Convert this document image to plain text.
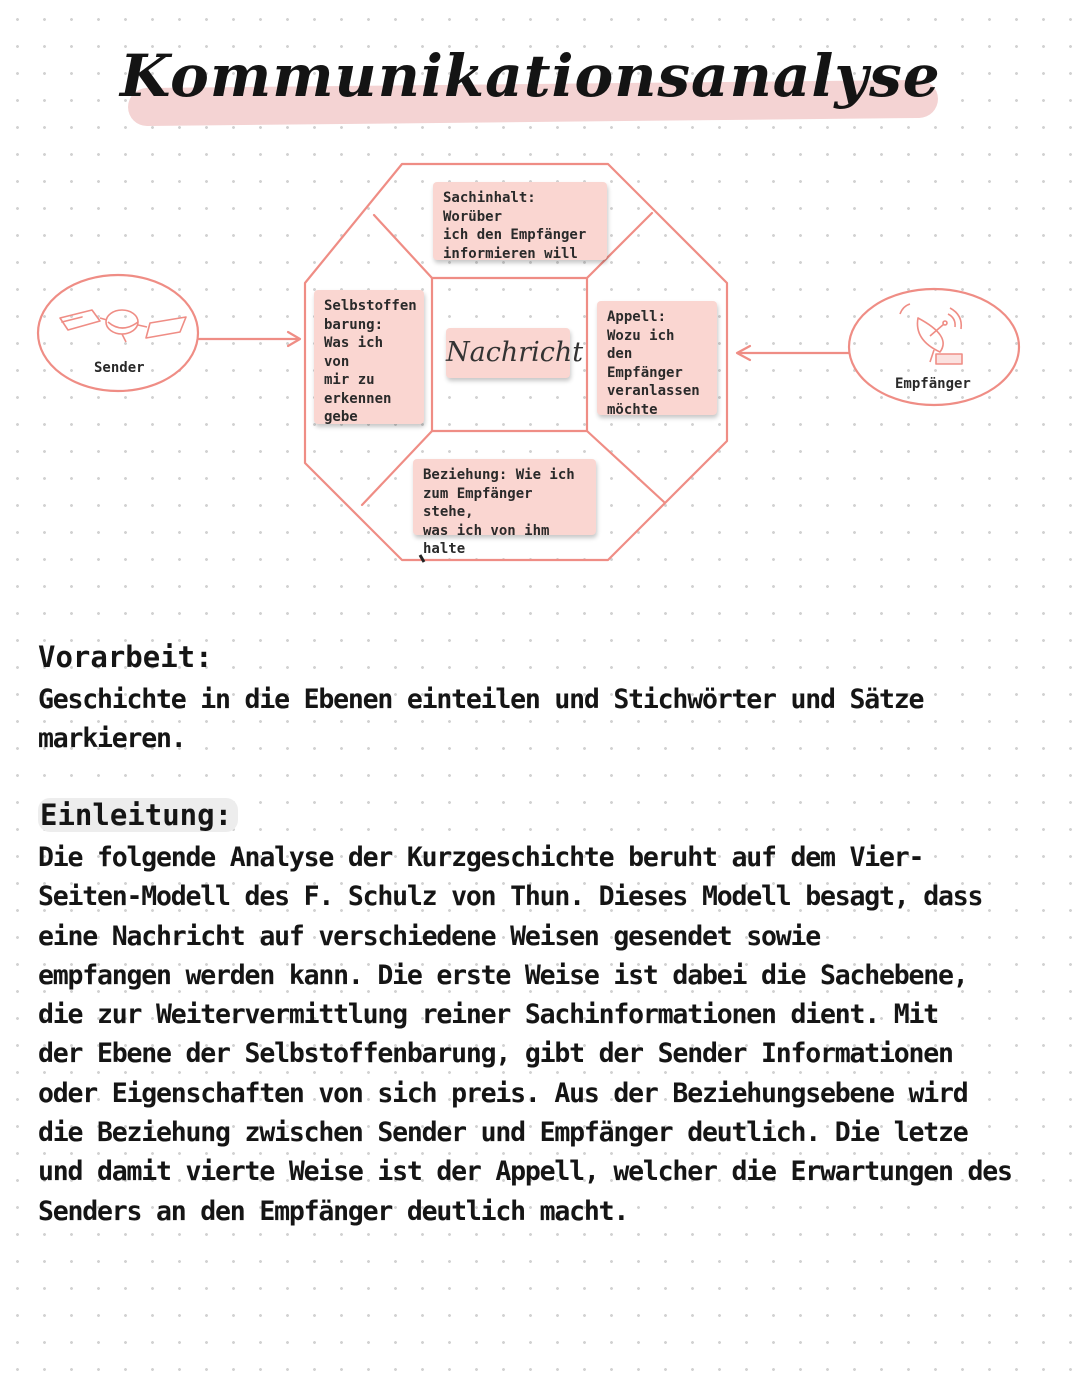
Kommunikationsanalyse
Sachinhalt: Worüber
ich den Empfänger
informieren will
Selbstoffen
barung:
Was ich von
mir zu
erkennen
gebe
Nachricht
Appell:
Wozu ich den
Empfänger
veranlassen
möchte
Beziehung: Wie ich
zum Empfänger stehe,
was ich von ihm halte
Sender
Empfänger
Vorarbeit:
Geschichte in die Ebenen einteilen und Stichwörter und Sätze
markieren.
Einleitung:
Die folgende Analyse der Kurzgeschichte beruht auf dem Vier-
Seiten-Modell des F. Schulz von Thun. Dieses Modell besagt, dass
eine Nachricht auf verschiedene Weisen gesendet sowie
empfangen werden kann. Die erste Weise ist dabei die Sachebene,
die zur Weitervermittlung reiner Sachinformationen dient. Mit
der Ebene der Selbstoffenbarung, gibt der Sender Informationen
oder Eigenschaften von sich preis. Aus der Beziehungsebene wird
die Beziehung zwischen Sender und Empfänger deutlich. Die letze
und damit vierte Weise ist der Appell, welcher die Erwartungen des
Senders an den Empfänger deutlich macht.
